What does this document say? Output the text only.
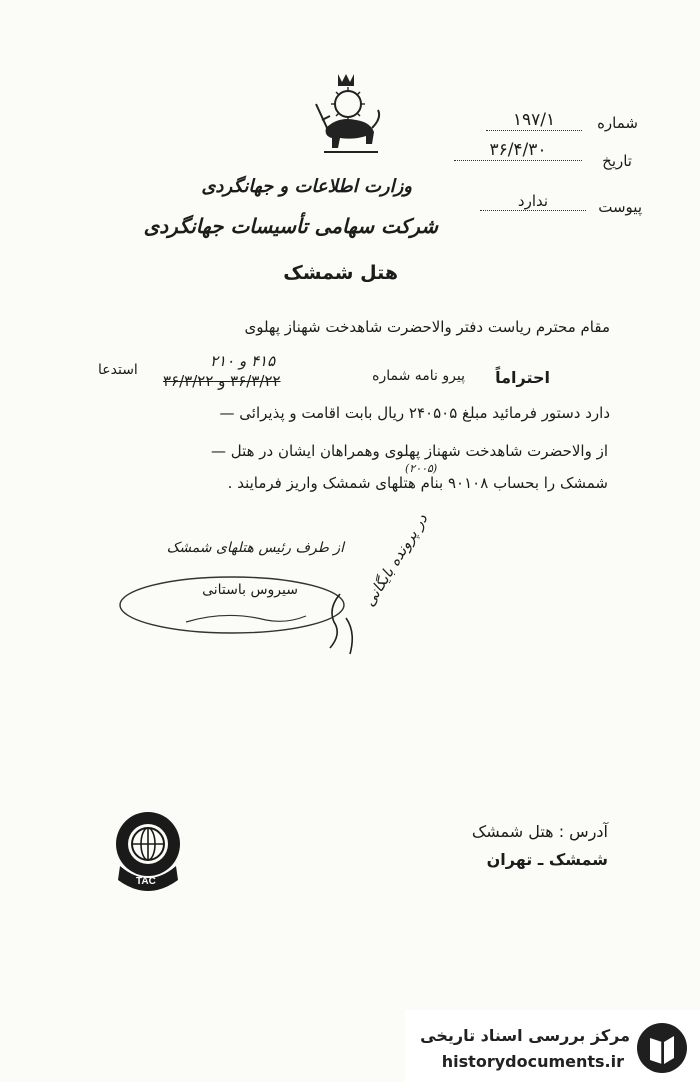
وزارت اطلاعات و جهانگردی
شرکت سهامی تأسیسات جهانگردی
هتل شمشک
شماره
۱۹۷/۱
تاریخ
۳۶/۴/۳۰
پیوست
ندارد
مقام محترم ریاست دفتر والاحضرت شاهدخت شهناز پهلوی
احتراماً
پیرو نامه شماره
۳۶/۳/۲۲ و ۳۶/۳/۲۲
۴۱۵ و ۲۱۰
استدعا
دارد دستور فرمائید مبلغ ۲۴۰۵۰۵ ریال بابت اقامت و پذیرائی —
(۲۰۰۵)
از والاحضرت شاهدخت شهناز پهلوی وهمراهان ایشان در هتل —
شمشک را بحساب ۹۰۱۰۸ بنام هتلهای شمشک واریز فرمایند .
از طرف رئیس هتلهای شمشک
سیروس باستانی	در پرونده بایگانی
TAC
آدرس : هتل شمشک
شمشک ـ تهران
مرکز بررسی اسناد تاریخی
historydocuments.ir
